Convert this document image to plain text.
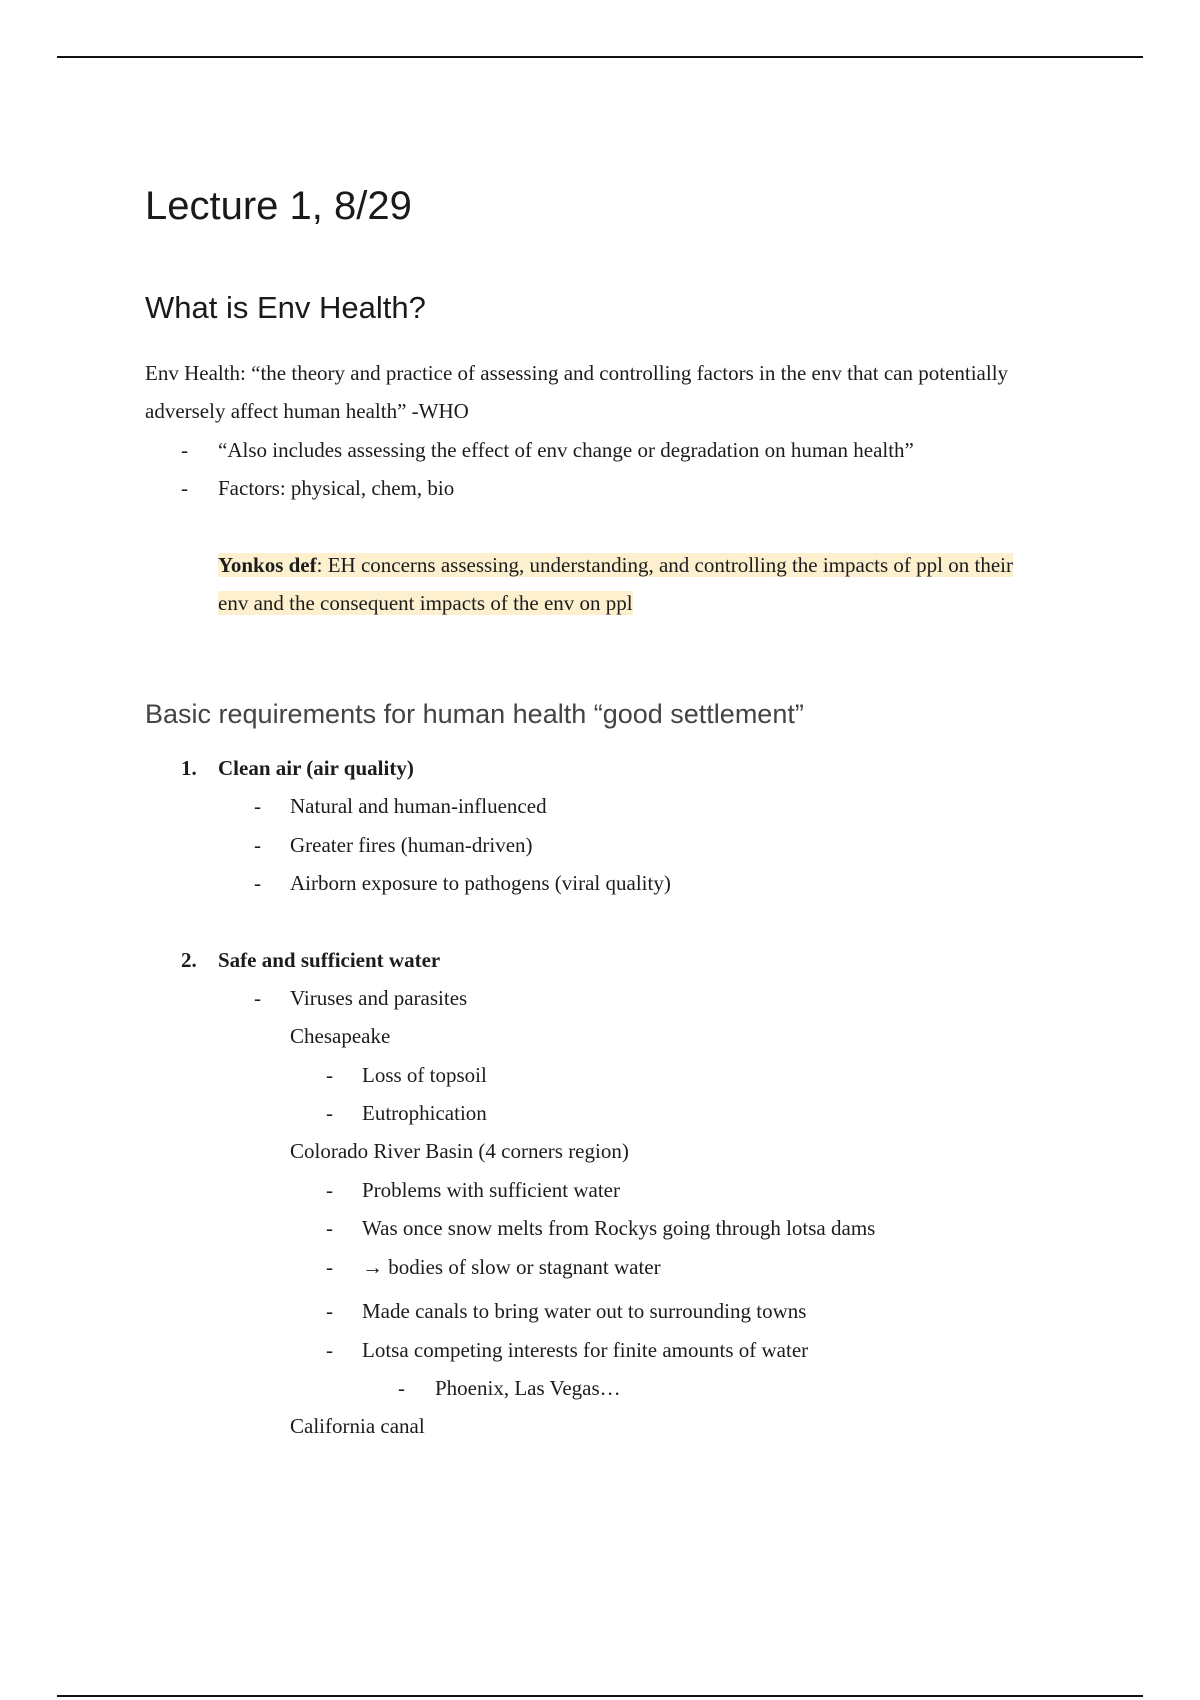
Lecture 1, 8/29
What is Env Health?
Env Health: “the theory and practice of assessing and controlling factors in the env that can potentially
adversely affect human health” -WHO
- “Also includes assessing the effect of env change or degradation on human health”
- Factors: physical, chem, bio
Yonkos def: EH concerns assessing, understanding, and controlling the impacts of ppl on their
env and the consequent impacts of the env on ppl
Basic requirements for human health “good settlement”
1. Clean air (air quality)
- Natural and human-influenced
- Greater fires (human-driven)
- Airborn exposure to pathogens (viral quality)
2. Safe and sufficient water
- Viruses and parasites
Chesapeake
- Loss of topsoil
- Eutrophication
Colorado River Basin (4 corners region)
- Problems with sufficient water
- Was once snow melts from Rockys going through lotsa dams
- → bodies of slow or stagnant water
- Made canals to bring water out to surrounding towns
- Lotsa competing interests for finite amounts of water
- Phoenix, Las Vegas…
California canal
